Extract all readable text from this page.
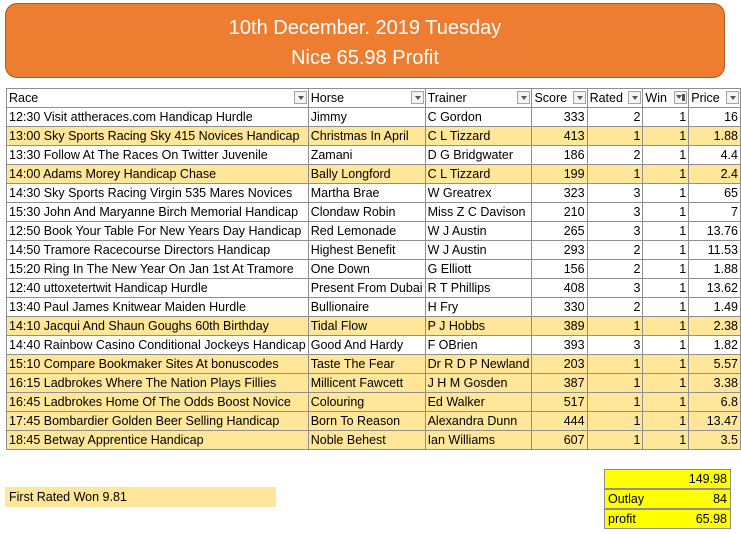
10th December. 2019 Tuesday
Nice 65.98 Profit
Race	Horse	Trainer	Score	Rated	Win	Price

12:30 Visit attheraces.com Handicap Hurdle	Jimmy	C Gordon	333	2	1	16
13:00 Sky Sports Racing Sky 415 Novices Handicap	Christmas In April	C L Tizzard	413	1	1	1.88
13:30 Follow At The Races On Twitter Juvenile	Zamani	D G Bridgwater	186	2	1	4.4
14:00 Adams Morey Handicap Chase	Bally Longford	C L Tizzard	199	1	1	2.4
14:30 Sky Sports Racing Virgin 535 Mares Novices	Martha Brae	W Greatrex	323	3	1	65
15:30 John And Maryanne Birch Memorial Handicap	Clondaw Robin	Miss Z C Davison	210	3	1	7
12:50 Book Your Table For New Years Day Handicap	Red Lemonade	W J Austin	265	3	1	13.76
14:50 Tramore Racecourse Directors Handicap	Highest Benefit	W J Austin	293	2	1	11.53
15:20 Ring In The New Year On Jan 1st At Tramore	One Down	G Elliott	156	2	1	1.88
12:40 uttoxetertwit Handicap Hurdle	Present From Dubai	R T Phillips	408	3	1	13.62
13:40 Paul James Knitwear Maiden Hurdle	Bullionaire	H Fry	330	2	1	1.49
14:10 Jacqui And Shaun Goughs 60th Birthday	Tidal Flow	P J Hobbs	389	1	1	2.38
14:40 Rainbow Casino Conditional Jockeys Handicap	Good And Hardy	F OBrien	393	3	1	1.82
15:10 Compare Bookmaker Sites At bonuscodes	Taste The Fear	Dr R D P Newland	203	1	1	5.57
16:15 Ladbrokes Where The Nation Plays Fillies	Millicent Fawcett	J H M Gosden	387	1	1	3.38
16:45 Ladbrokes Home Of The Odds Boost Novice	Colouring	Ed Walker	517	1	1	6.8
17:45 Bombardier Golden Beer Selling Handicap	Born To Reason	Alexandra Dunn	444	1	1	13.47
18:45 Betway Apprentice Handicap	Noble Behest	Ian Williams	607	1	1	3.5
149.98
Outlay	84
profit	65.98
First Rated Won 9.81
